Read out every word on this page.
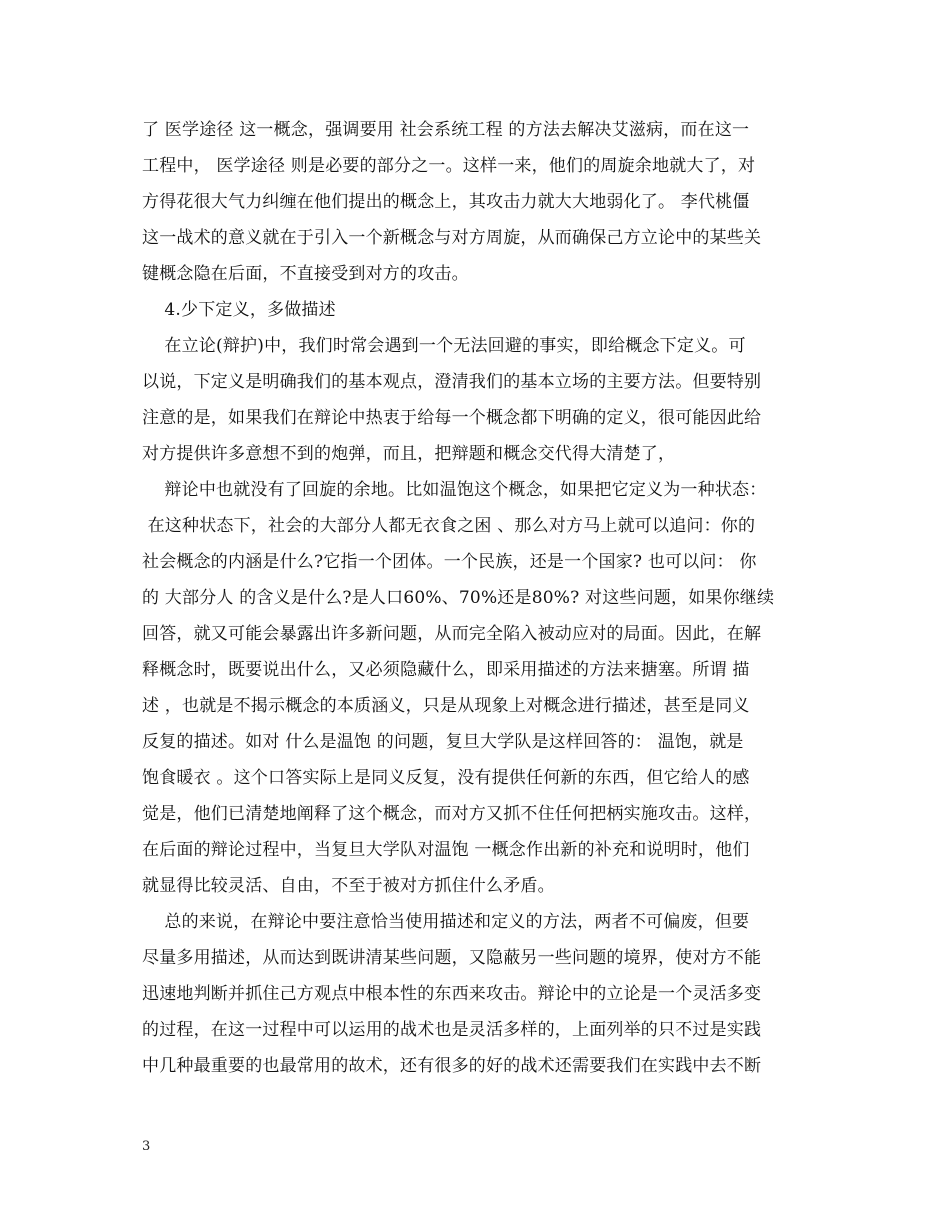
了 医学途径 这一概念，强调要用 社会系统工程 的方法去解决艾滋病，而在这一
工程中， 医学途径 则是必要的部分之一。这样一来，他们的周旋余地就大了，对
方得花很大气力纠缠在他们提出的概念上，其攻击力就大大地弱化了。 李代桃僵
这一战术的意义就在于引入一个新概念与对方周旋，从而确保己方立论中的某些关
键概念隐在后面，不直接受到对方的攻击。
4.少下定义，多做描述
在立论(辩护)中，我们时常会遇到一个无法回避的事实，即给概念下定义。可
以说，下定义是明确我们的基本观点，澄清我们的基本立场的主要方法。但要特别
注意的是，如果我们在辩论中热衷于给每一个概念都下明确的定义，很可能因此给
对方提供许多意想不到的炮弹，而且，把辩题和概念交代得大清楚了，
辩论中也就没有了回旋的余地。比如温饱这个概念，如果把它定义为一种状态：
在这种状态下，社会的大部分人都无衣食之困 、那么对方马上就可以追问：你的
社会概念的内涵是什么?它指一个团体。一个民族，还是一个国家? 也可以问： 你
的 大部分人 的含义是什么?是人口60%、70%还是80%? 对这些问题，如果你继续
回答，就又可能会暴露出许多新问题，从而完全陷入被动应对的局面。因此，在解
释概念时，既要说出什么，又必须隐藏什么，即采用描述的方法来搪塞。所谓 描
述 ，也就是不揭示概念的本质涵义，只是从现象上对概念进行描述，甚至是同义
反复的描述。如对 什么是温饱 的问题，复旦大学队是这样回答的： 温饱，就是
饱食暖衣 。这个口答实际上是同义反复，没有提供任何新的东西，但它给人的感
觉是，他们已清楚地阐释了这个概念，而对方又抓不住任何把柄实施攻击。这样，
在后面的辩论过程中，当复旦大学队对温饱 一概念作出新的补充和说明时，他们
就显得比较灵活、自由，不至于被对方抓住什么矛盾。
总的来说，在辩论中要注意恰当使用描述和定义的方法，两者不可偏废，但要
尽量多用描述，从而达到既讲清某些问题，又隐蔽另一些问题的境界，使对方不能
迅速地判断并抓住己方观点中根本性的东西来攻击。辩论中的立论是一个灵活多变
的过程，在这一过程中可以运用的战术也是灵活多样的，上面列举的只不过是实践
中几种最重要的也最常用的故术，还有很多的好的战术还需要我们在实践中去不断
3
